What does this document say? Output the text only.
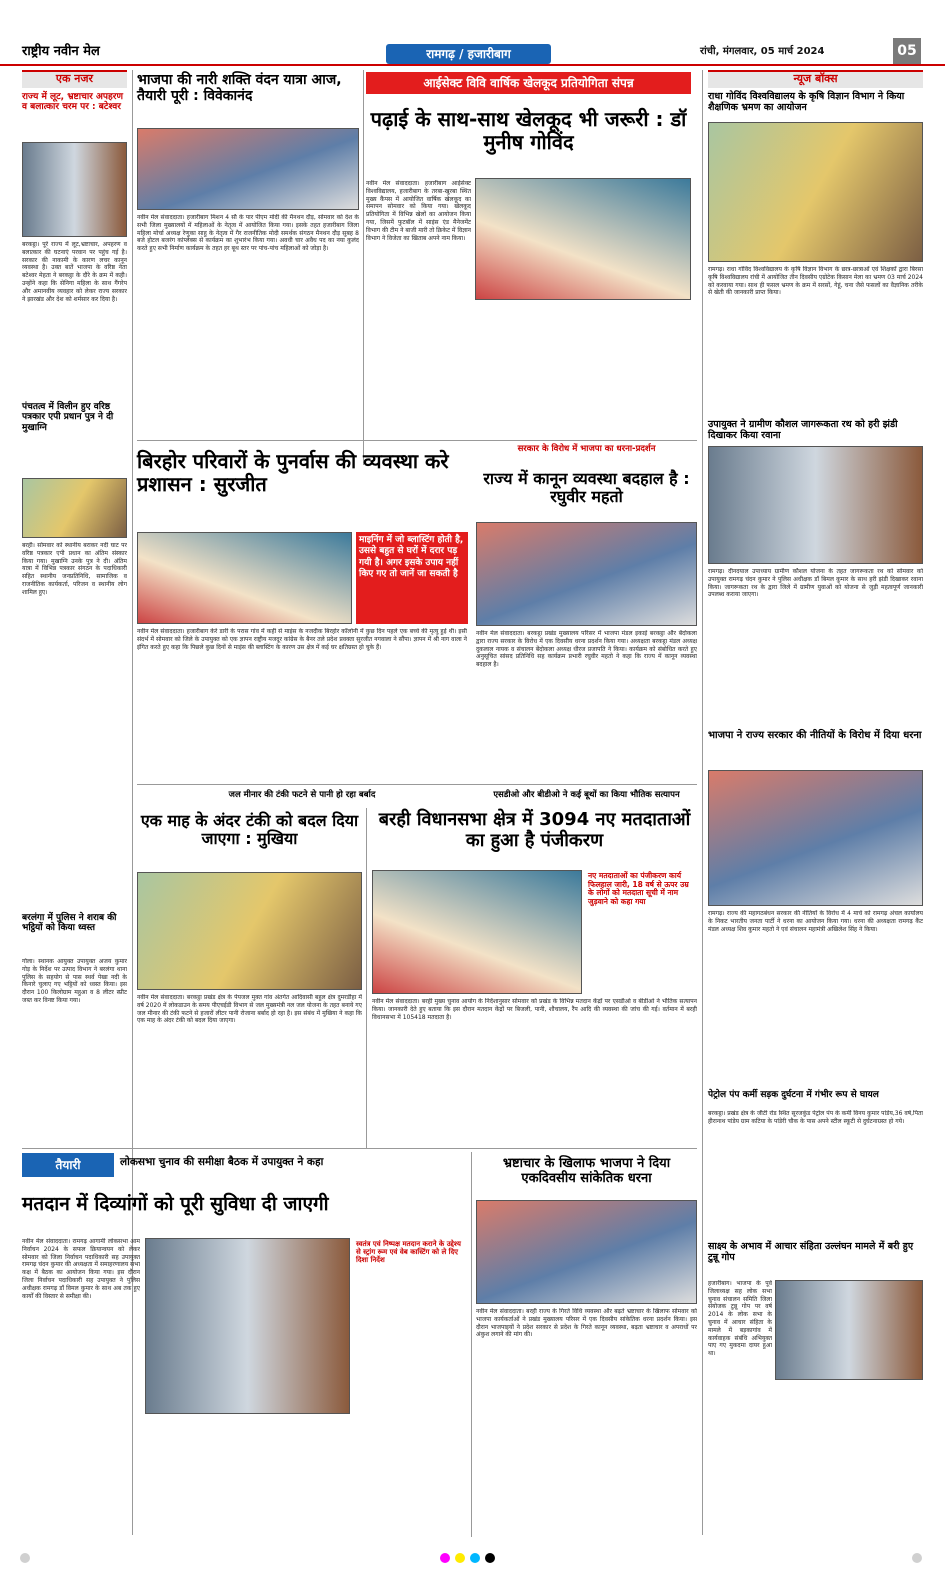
राष्ट्रीय नवीन मेल	रामगढ़ / हजारीबाग	रांची, मंगलवार, 05 मार्च 2024	05
एक नजर
राज्य में लूट, भ्रष्टाचार अपहरण व बलात्कार चरम पर : बटेश्वर
बरकट्ठा। पूरे राज्य में लूट,भ्रष्टाचार, अपहरण व बलात्कार की घटनाएं परवान पर पहुंच गई है। सरकार की नाकामी के कारण लचर कानून व्यवस्था है। उक्त बातें भाजपा के वरिष्ठ नेता बटेश्वर मेहता ने बरकट्ठा के दौरे के क्रम में कही। उन्होंने कहा कि सेनिगा महिला के साथ गैंगरेप और अमानवीय व्यवहार को लेकर राज्य सरकार ने झारखंड और देश को शर्मसार कर दिया है।
पंचतत्व में विलीन हुए वरिष्ठ पत्रकार एपी प्रधान पुत्र ने दी मुखाग्नि
बरही। सोमवार को स्थानीय बराकर नदी घाट पर वरिष्ठ पत्रकार एपी प्रधान का अंतिम संस्कार किया गया। मुखाग्नि उनके पुत्र ने दी। अंतिम यात्रा में विभिन्न पत्रकार संगठन के पदाधिकारी सहित स्थानीय जनप्रतिनिधि, सामाजिक व राजनीतिक कार्यकर्ता, परिजन व स्थानीय लोग शामिल हुए।
बरलंगा में पुलिस ने शराब की भट्ठियों को किया ध्वस्त
गोला। स्थानक आयुक्त उपायुक्त अजय कुमार गोड़ के निर्देश पर उत्पाद विभाग ने बरलंगा थाना पुलिस के सहयोग से पास स्थर्व पेखा नदी के किनारे चुलाए गए भट्ठियों को ध्वस्त किया। इस दौरान 100 किलोग्राम महुआ व 8 लीटर स्प्रीट जब्त कर विनष्ट किया गया।
भाजपा की नारी शक्ति वंदन यात्रा आज, तैयारी पूरी : विवेकानंद
नवीन मेल संवाददाता। हजारीबाग मिशन 4 सौ के पार पीएम मोदी की मैनथन दौड़, सोमवार को देश के सभी जिला मुख्यालयों में महिलाओं के नेतृत्व में आयोजित किया गया। इसके तहत हजारीबाग जिला महिला मोर्चा अध्यक्ष रेणुका साहु के नेतृत्व में गैर राजनीतिक मोदी समर्थक संगठन मैनथन दौड़ सुबह 8 बजे होटल बजरंग कांप्लेक्स से कार्यक्रम का शुभारंभ किया गया। अवधी चार अवैध पद का नया कुलंद करते हुए सभी निर्माण कार्यक्रम के तहत हर बूथ स्तर पर पांच-पांच महिलाओं को जोड़ा है।
आईसेक्ट विवि वार्षिक खेलकूद प्रतियोगिता संपन्न
पढ़ाई के साथ-साथ खेलकूद भी जरूरी : डॉ मुनीष गोविंद
नवीन मेल संवाददाता। हजारीबाग आईसेक्ट विश्वविद्यालय, हजारीबाग के तरबा-खुरबा स्थित मुख्य कैंपस में आयोजित वार्षिक खेलकूद का समापन सोमवार को किया गया। खेलकूद प्रतियोगिता में विभिन्न खेलों का आयोजन किया गया, जिसमें फुटबॉल में साइंस एंड मैनेजमेंट विभाग की टीम ने बाजी मारी तो क्रिकेट में विज्ञान विभाग ने विजेता का खिताब अपने नाम किया।
न्यूज बॉक्स
राधा गोविंद विश्वविद्यालय के कृषि विज्ञान विभाग ने किया शैक्षणिक भ्रमण का आयोजन
रामगढ़। राधा गोविंद विश्वविद्यालय के कृषि विज्ञान विभाग के छात्र-छात्राओं एवं शिक्षकों द्वारा बिरसा कृषि विश्वविद्यालय रांची में आयोजित तीन दिवसीय एग्रोटेक किसान मेला का भ्रमण 03 मार्च 2024 को करवाया गया। साथ ही फसल भ्रमण के क्रम में सरसों, गेहूं, चना जैसे फसलों का वैज्ञानिक तरीके से खेती की जानकारी प्राप्त किया।
उपायुक्त ने ग्रामीण कौशल जागरूकता रथ को हरी झंडी दिखाकर किया रवाना
रामगढ़। दीनदयाल उपाध्याय ग्रामीण कौशल योजना के तहत जागरूकता रथ को सोमवार को उपायुक्त रामगढ़ चंदन कुमार ने पुलिस अधीक्षक डॉ बिमल कुमार के साथ हरी झंडी दिखाकर रवाना किया। जागरूकता रथ के द्वारा जिले में ग्रामीण युवाओं को योजना से जुड़ी महत्वपूर्ण जानकारी उपलब्ध कराया जाएगा।
भाजपा ने राज्य सरकार की नीतियों के विरोध में दिया धरना
रामगढ़। राज्य की महागठबंधन सरकार की नीतियों के विरोध में 4 मार्च को रामगढ़ अंचल कार्यालय के निकट भारतीय जनता पार्टी ने धरना का आयोजन किया गया। धरना की अध्यक्षता रामगढ़ कैंट मंडल अध्यक्ष शिव कुमार महतो ने एवं संचालन महामंत्री अखिलेश सिंह ने किया।
पेट्रोल पंप कर्मी सड़क दुर्घटना में गंभीर रूप से घायल
बरकट्ठा। प्रखंड क्षेत्र के जीटी रोड स्थित सूरजकुंड पेट्रोल पंप के कर्मी विनय कुमार पांडेय,36 वर्ष,पिता हीरानाथ पांडेय ग्राम कटिया के पांडेरी चौक के पास अपने स्टील स्कूटी से दुर्घटनाग्रस्त हो गये।
साक्ष्य के अभाव में आचार संहिता उल्लंघन मामले में बरी हुए टुन्नू गोप
हजारीबाग। भाजपा के पूर्व जिलाध्यक्ष सह लोक सभा चुनाव संचालन समिति जिला संयोजक टुन्नू गोप पर वर्ष 2014 के लोक सभा के चुनाव में आचार संहिता के मामले में बड़कागांव में कार्यवाहक संबंधि अभियुक्त पाए गए मुकदमा दायर हुआ था।
बिरहोर परिवारों के पुनर्वास की व्यवस्था करे प्रशासन : सुरजीत
माइनिंग में जो ब्लास्टिंग होती है, उससे बहुत से घरों में दरार पड़ गयी है। अगर इसके उपाय नहीं किए गए तो जानें जा सकती है
नवीन मेल संवाददाता। हजारीबाग केरे डारी के परास गांव में कहीं से माइंस के नजदीक बिरहोर कॉलोनी में कुछ दिन पहले एक बच्चे की मृत्यु हुई थी। इसी संदर्भ में सोमवार को जिले के उपायुक्त को एक ज्ञापन राष्ट्रीय मजदूर कांग्रेस के बैनर तले प्रदेश प्रवक्ता सुरजीत नगवाला ने सौंपा। ज्ञापन में श्री नाग वाला ने इंगित करते हुए कहा कि पिछले कुछ दिनों से माइंस की ब्लास्टिंग के कारण उस क्षेत्र में कई घर क्षतिग्रस्त हो चुके हैं।
सरकार के विरोध में भाजपा का धरना-प्रदर्शन
राज्य में कानून व्यवस्था बदहाल है : रघुवीर महतो
नवीन मेल संवाददाता। बरकट्ठा प्रखंड मुख्यालय परिसर में भाजपा मंडल इकाई बरकट्ठा और बेंदोकला द्वारा राज्य सरकार के विरोध में एक दिवसीय धरना प्रदर्शन किया गया। अध्यक्षता बरकट्ठा मंडल अध्यक्ष दुकलाल नायक व संचालन बेंदोकला अध्यक्ष धीरज प्रजापति ने किया। कार्यक्रम को संबोधित करते हुए अनुसूचित सांसद प्रतिनिधि सह कार्यक्रम प्रभारी रघुवीर महतो ने कहा कि राज्य में कानून व्यवस्था बदहाल है।
जल मीनार की टंकी फटने से पानी हो रहा बर्बाद	एसडीओ और बीडीओ ने कई बूथों का किया भौतिक सत्यापन
एक माह के अंदर टंकी को बदल दिया जाएगा : मुखिया
नवीन मेल संवाददाता। बरकट्ठा प्रखंड क्षेत्र के पेयजल मुक्त गांव अंतर्गत आदिवासी बहुल क्षेत्र दुमरडीहा में वर्ष 2020 में लोकडाउन के समय पीएचईडी विभाग से जल मुख्यमंत्री नल जल योजना के तहत बनाये गए जल मीनार की टंकी फटने से हजारों लीटर पानी रोजाना बर्बाद हो रहा है। इस संबंध में मुखिया ने कहा कि एक माह के अंदर टंकी को बदल दिया जाएगा।
बरही विधानसभा क्षेत्र में 3094 नए मतदाताओं का हुआ है पंजीकरण
नए मतदाताओं का पंजीकरण कार्य फिलहाल जारी, 18 वर्ष से ऊपर उम्र के लोगों को मतदाता सूची में नाम जुड़वाने को कहा गया
नवीन मेल संवाददाता। बरही मुख्य चुनाव आयोग के निर्देशानुसार सोमवार को प्रखंड के विभिन्न मतदान केंद्रों पर एसडीओ व बीडीओ ने भौतिक सत्यापन किया। जानकारी देते हुए बताया कि इस दौरान मतदान केंद्रों पर बिजली, पानी, शौचालय, रैंप आदि की व्यवस्था की जांच की गई। वर्तमान में बरही विधानसभा में 105418 मतदाता है।
तैयारी	लोकसभा चुनाव की समीक्षा बैठक में उपायुक्त ने कहा
मतदान में दिव्यांगों को पूरी सुविधा दी जाएगी
नवीन मेल संवाददाता। रामगढ़ आगामी लोकसभा आम निर्वाचन 2024 के सफल क्रियान्वयन को लेकर सोमवार को जिला निर्वाचन पदाधिकारी सह उपायुक्त रामगढ़ चंदन कुमार की अध्यक्षता में समाहरणालय सभा कक्ष में बैठक का आयोजन किया गया। इस दौरान जिला निर्वाचन पदाधिकारी सह उपायुक्त ने पुलिस अधीक्षक रामगढ़ डॉ विमल कुमार के साथ अब तक हुए कार्यों की विस्तार से समीक्षा की।
स्वतंत्र एवं निष्पक्ष मतदान कराने के उद्देश्य से स्ट्रांग रूम एवं वेब कास्टिंग को ले दिए दिशा निर्देश
भ्रष्टाचार के खिलाफ भाजपा ने दिया एकदिवसीय सांकेतिक धरना
नवीन मेल संवाददाता। बरही राज्य के गिरते विधि व्यवस्था और बढ़ते भ्रष्टाचार के खिलाफ सोमवार को भाजपा कार्यकर्ताओं ने प्रखंड मुख्यालय परिसर में एक दिवसीय सांकेतिक धरना प्रदर्शन किया। इस दौरान भाजपाइयों ने प्रदेश सरकार से प्रदेश के गिरते कानून व्यवस्था, बढ़ता भ्रष्टाचार व अपराधों पर अंकुश लगाने की मांग की।
